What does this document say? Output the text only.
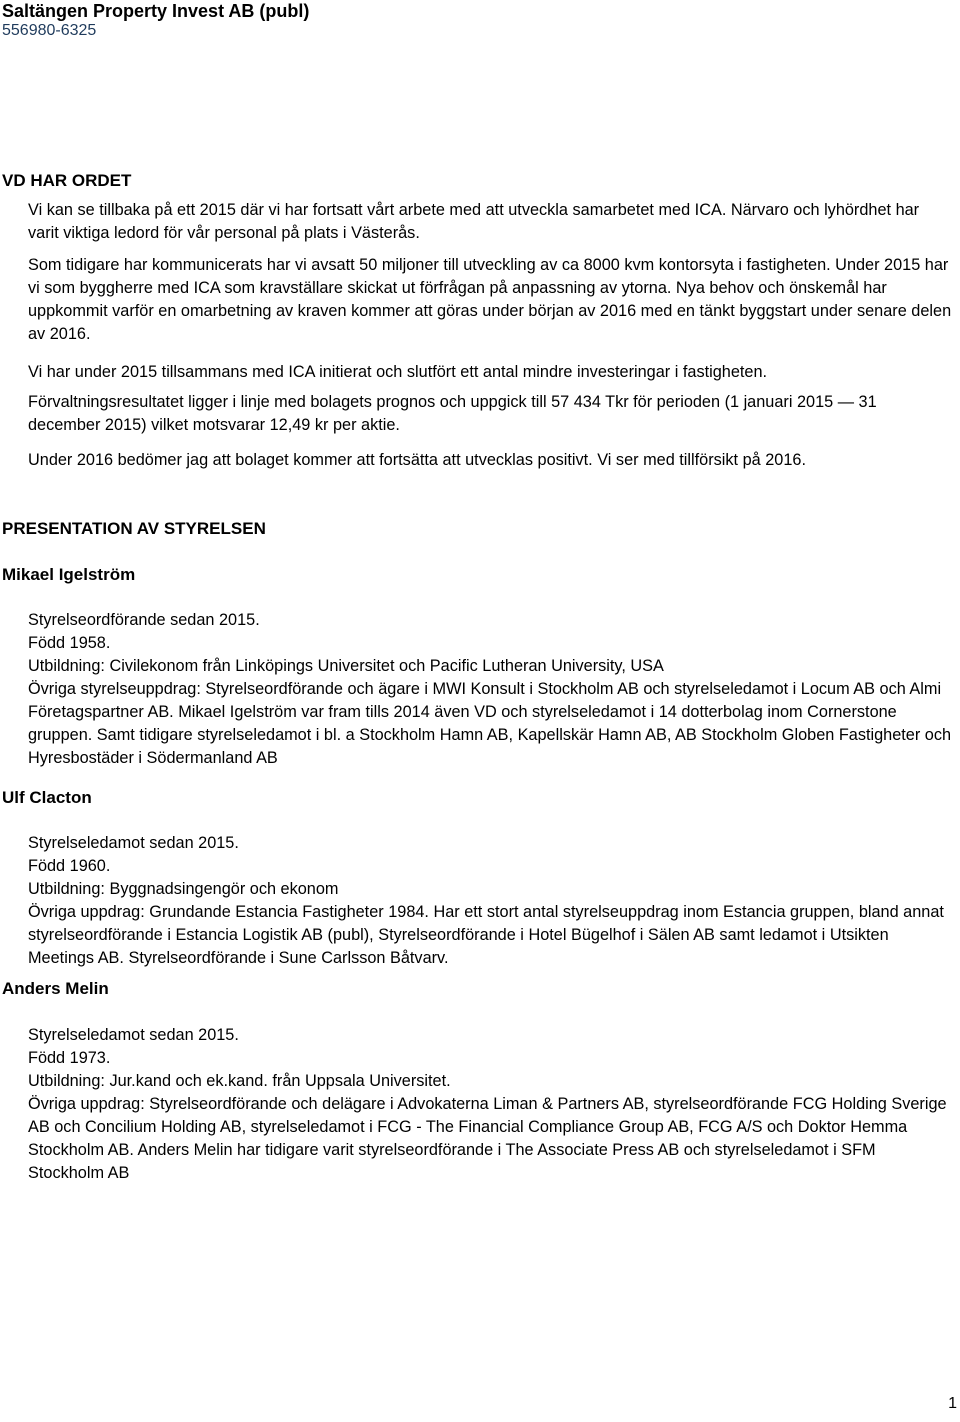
Saltängen Property Invest AB (publ)
556980-6325
VD HAR ORDET

Vi kan se tillbaka på ett 2015 där vi har fortsatt vårt arbete med att utveckla samarbetet med ICA. Närvaro och lyhördhet har varit viktiga ledord för vår personal på plats i Västerås.

Som tidigare har kommunicerats har vi avsatt 50 miljoner till utveckling av ca 8000 kvm kontorsyta i fastigheten. Under 2015 har vi som byggherre med ICA som kravställare skickat ut förfrågan på anpassning av ytorna. Nya behov och önskemål har uppkommit varför en omarbetning av kraven kommer att göras under början av 2016 med en tänkt byggstart under senare delen av 2016.

Vi har under 2015 tillsammans med ICA initierat och slutfört ett antal mindre investeringar i fastigheten.

Förvaltningsresultatet ligger i linje med bolagets prognos och uppgick till 57 434 Tkr för perioden (1 januari 2015 — 31 december 2015) vilket motsvarar 12,49 kr per aktie.

Under 2016 bedömer jag att bolaget kommer att fortsätta att utvecklas positivt. Vi ser med tillförsikt på 2016.

PRESENTATION AV STYRELSEN
Mikael Igelström

Styrelseordförande sedan 2015.

Född 1958.

Utbildning: Civilekonom från Linköpings Universitet och Pacific Lutheran University, USA

Övriga styrelseuppdrag: Styrelseordförande och ägare i MWI Konsult i Stockholm AB och styrelseledamot i Locum AB och Almi Företagspartner AB. Mikael Igelström var fram tills 2014 även VD och styrelseledamot i 14 dotterbolag inom Cornerstone gruppen. Samt tidigare styrelseledamot i bl. a Stockholm Hamn AB, Kapellskär Hamn AB, AB Stockholm Globen Fastigheter och Hyresbostäder i Södermanland AB

Ulf Clacton

Styrelseledamot sedan 2015.

Född 1960.

Utbildning: Byggnadsingengör och ekonom

Övriga uppdrag: Grundande Estancia Fastigheter 1984. Har ett stort antal styrelseuppdrag inom Estancia gruppen, bland annat styrelseordförande i Estancia Logistik AB (publ), Styrelseordförande i Hotel Bügelhof i Sälen AB samt ledamot i Utsikten Meetings AB. Styrelseordförande i Sune Carlsson Båtvarv.

Anders Melin

Styrelseledamot sedan 2015.

Född 1973.

Utbildning: Jur.kand och ek.kand. från Uppsala Universitet.

Övriga uppdrag: Styrelseordförande och delägare i Advokaterna Liman & Partners AB, styrelseordförande FCG Holding Sverige AB och Concilium Holding AB, styrelseledamot i FCG - The Financial Compliance Group AB, FCG A/S och Doktor Hemma Stockholm AB. Anders Melin har tidigare varit styrelseordförande i The Associate Press AB och styrelseledamot i SFM Stockholm AB

1
